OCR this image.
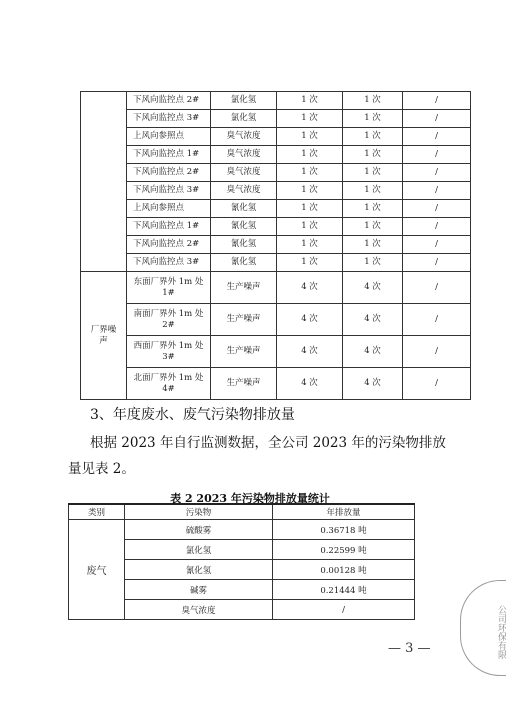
	下风向监控点 2#	氯化氢	1 次	1 次	/
	下风向监控点 3#	氯化氢	1 次	1 次	/
	上风向参照点	臭气浓度	1 次	1 次	/
	下风向监控点 1#	臭气浓度	1 次	1 次	/
	下风向监控点 2#	臭气浓度	1 次	1 次	/
	下风向监控点 3#	臭气浓度	1 次	1 次	/
	上风向参照点	氰化氢	1 次	1 次	/
	下风向监控点 1#	氰化氢	1 次	1 次	/
	下风向监控点 2#	氰化氢	1 次	1 次	/
	下风向监控点 3#	氰化氢	1 次	1 次	/
厂界噪声	东面厂界外 1m 处 1#	生产噪声	4 次	4 次	/
	南面厂界外 1m 处 2#	生产噪声	4 次	4 次	/
	西面厂界外 1m 处 3#	生产噪声	4 次	4 次	/
	北面厂界外 1m 处 4#	生产噪声	4 次	4 次	/
3、年度废水、废气污染物排放量
根据 2023 年自行监测数据，全公司 2023 年的污染物排放量见表 2。
表 2 2023 年污染物排放量统计
类别	污染物	年排放量
废气	硫酸雾	0.36718 吨
	氯化氢	0.22599 吨
	氰化氢	0.00128 吨
	碱雾	0.21444 吨
	臭气浓度	/
— 3 —	公司环保有限
